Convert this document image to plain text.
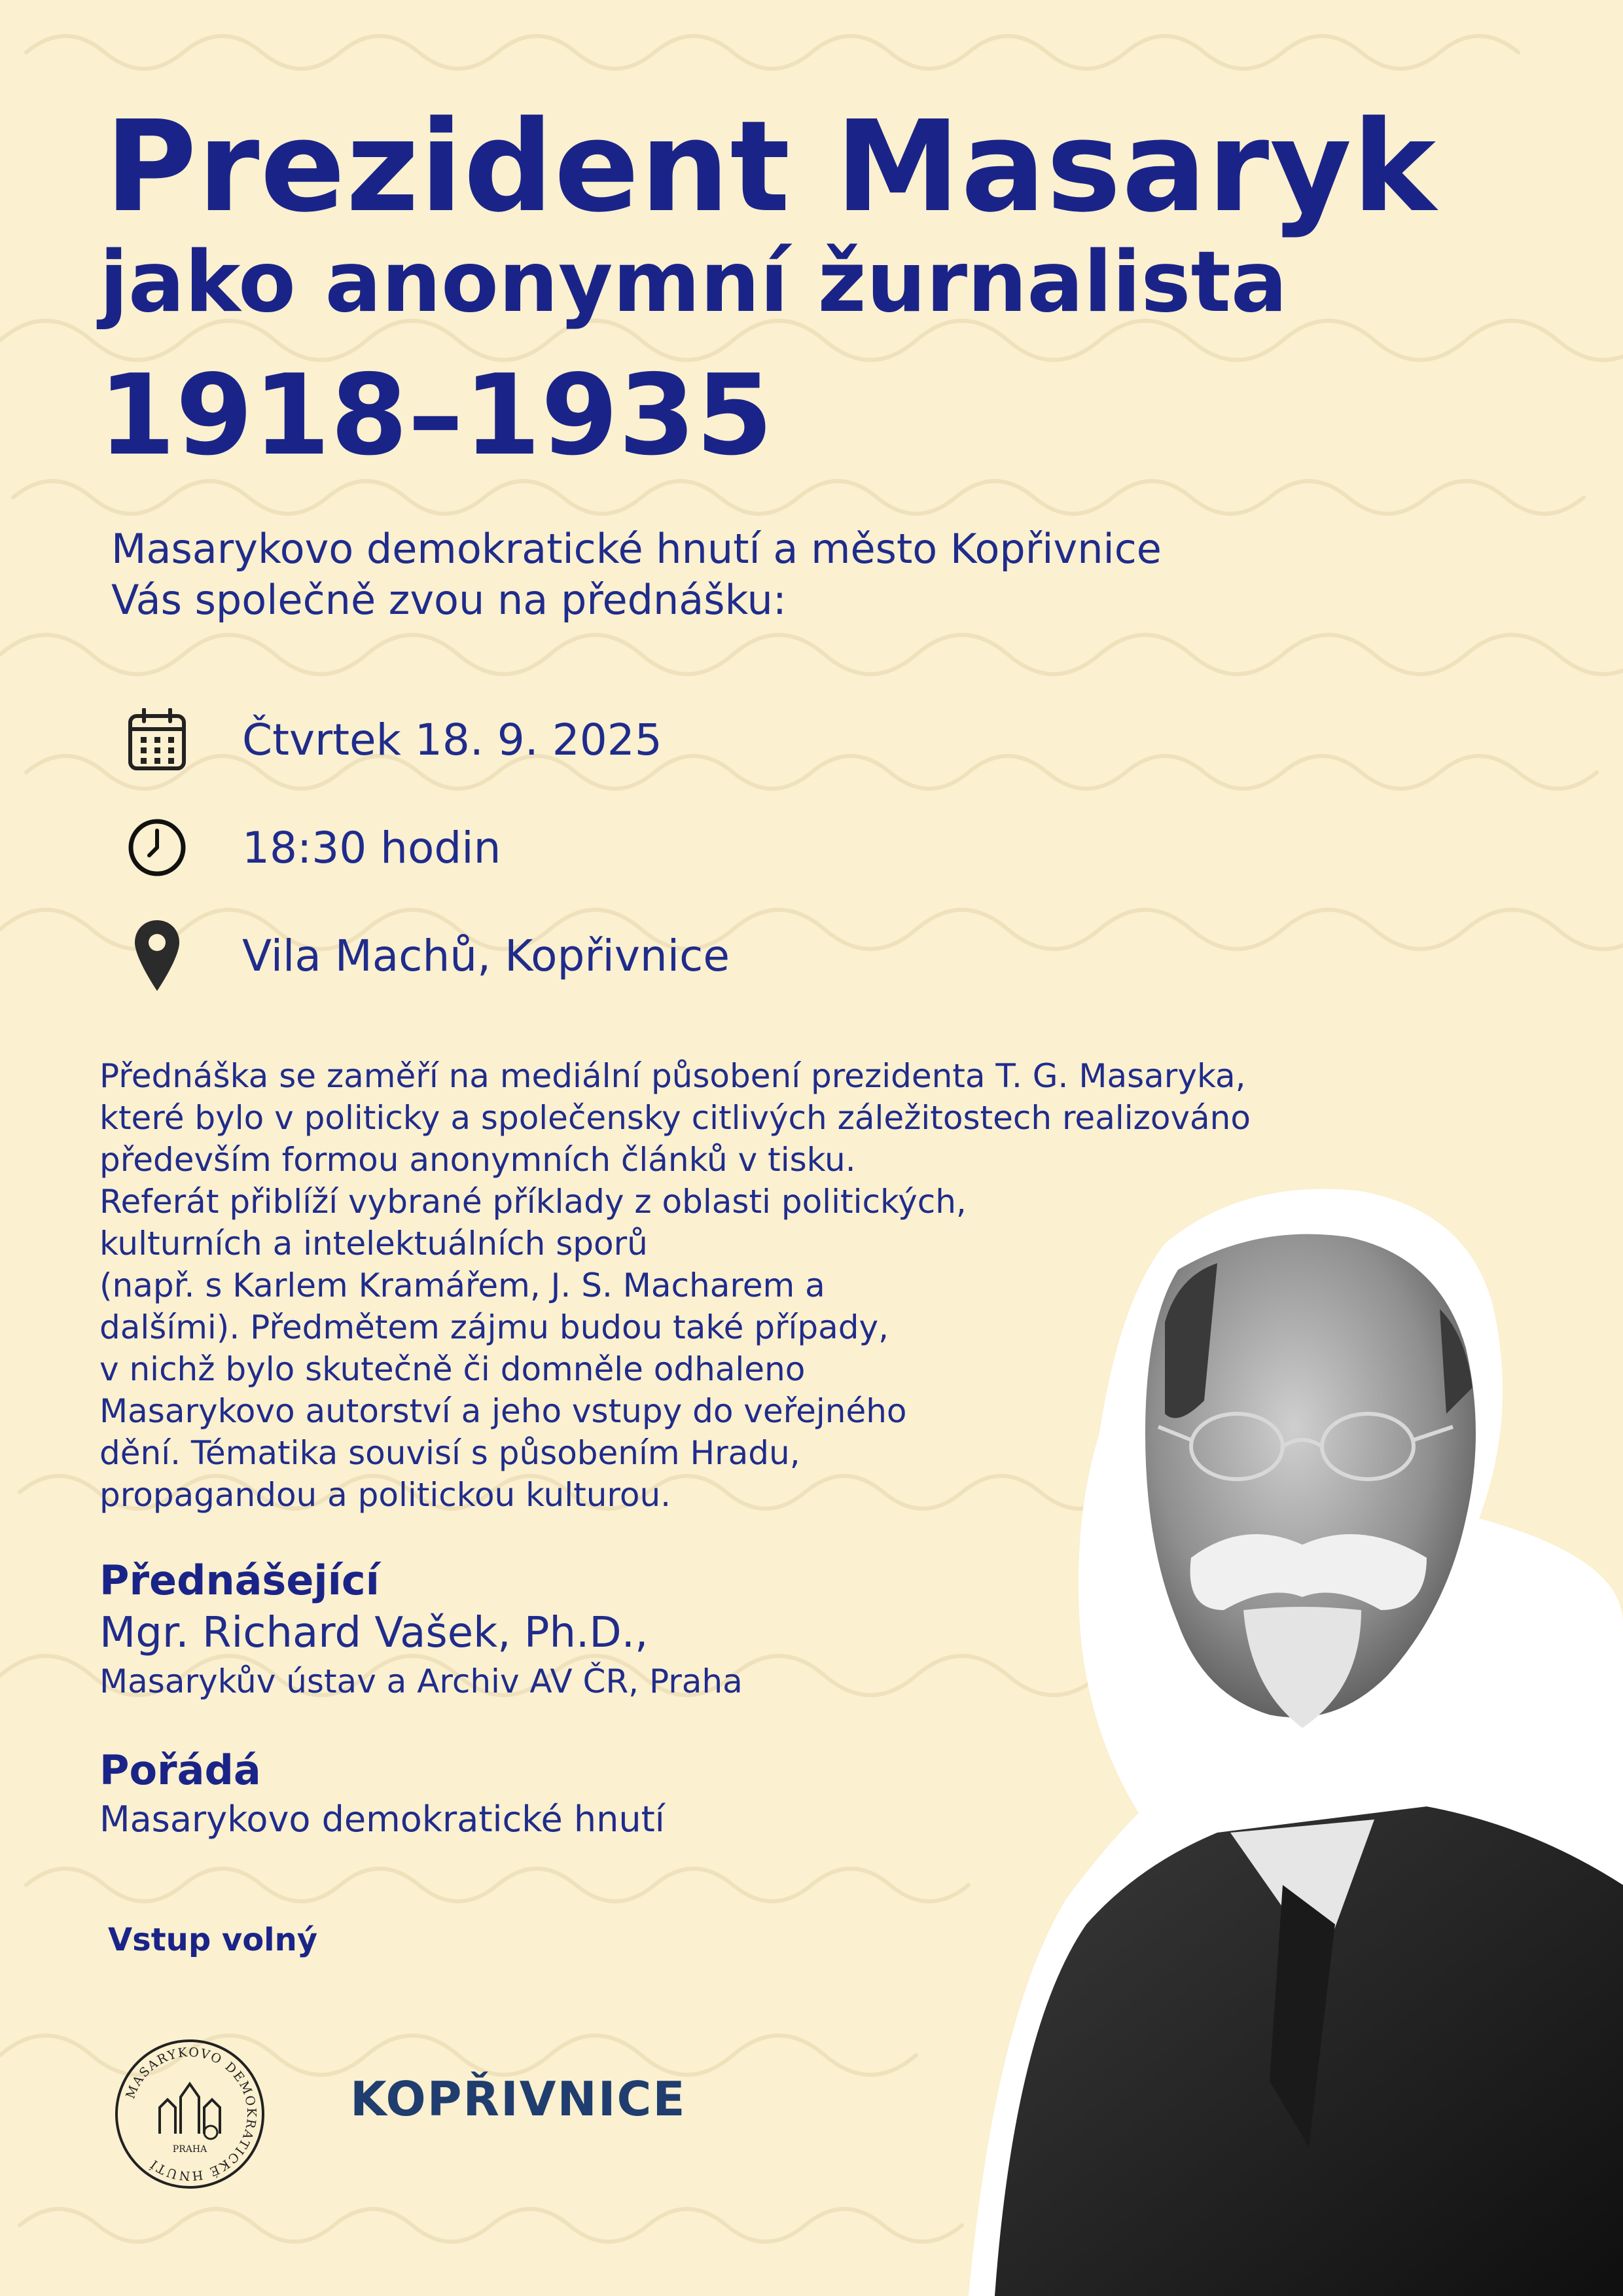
Prezident Masaryk
jako anonymní žurnalista
1918–1935
Masarykovo demokratické hnutí a město Kopřivnice
Vás společně zvou na přednášku:
Čtvrtek 18. 9. 2025
18:30 hodin
Vila Machů, Kopřivnice
Přednáška se zaměří na mediální působení prezidenta T. G. Masaryka,
které bylo v politicky a společensky citlivých záležitostech realizováno
především formou anonymních článků v tisku.
Referát přiblíží vybrané příklady z oblasti politických,
kulturních a intelektuálních sporů
(např. s Karlem Kramářem, J. S. Macharem a
dalšími). Předmětem zájmu budou také případy,
v nichž bylo skutečně či domněle odhaleno
Masarykovo autorství a jeho vstupy do veřejného
dění. Tématika souvisí s působením Hradu,
propagandou a politickou kulturou.
Přednášející
Mgr. Richard Vašek, Ph.D.,
Masarykův ústav a Archiv AV ČR, Praha
Pořádá
Masarykovo demokratické hnutí
Vstup volný
MASARYKOVO DEMOKRATICKÉ HNUTÍ
PRAHA
KOPŘIVNICE
